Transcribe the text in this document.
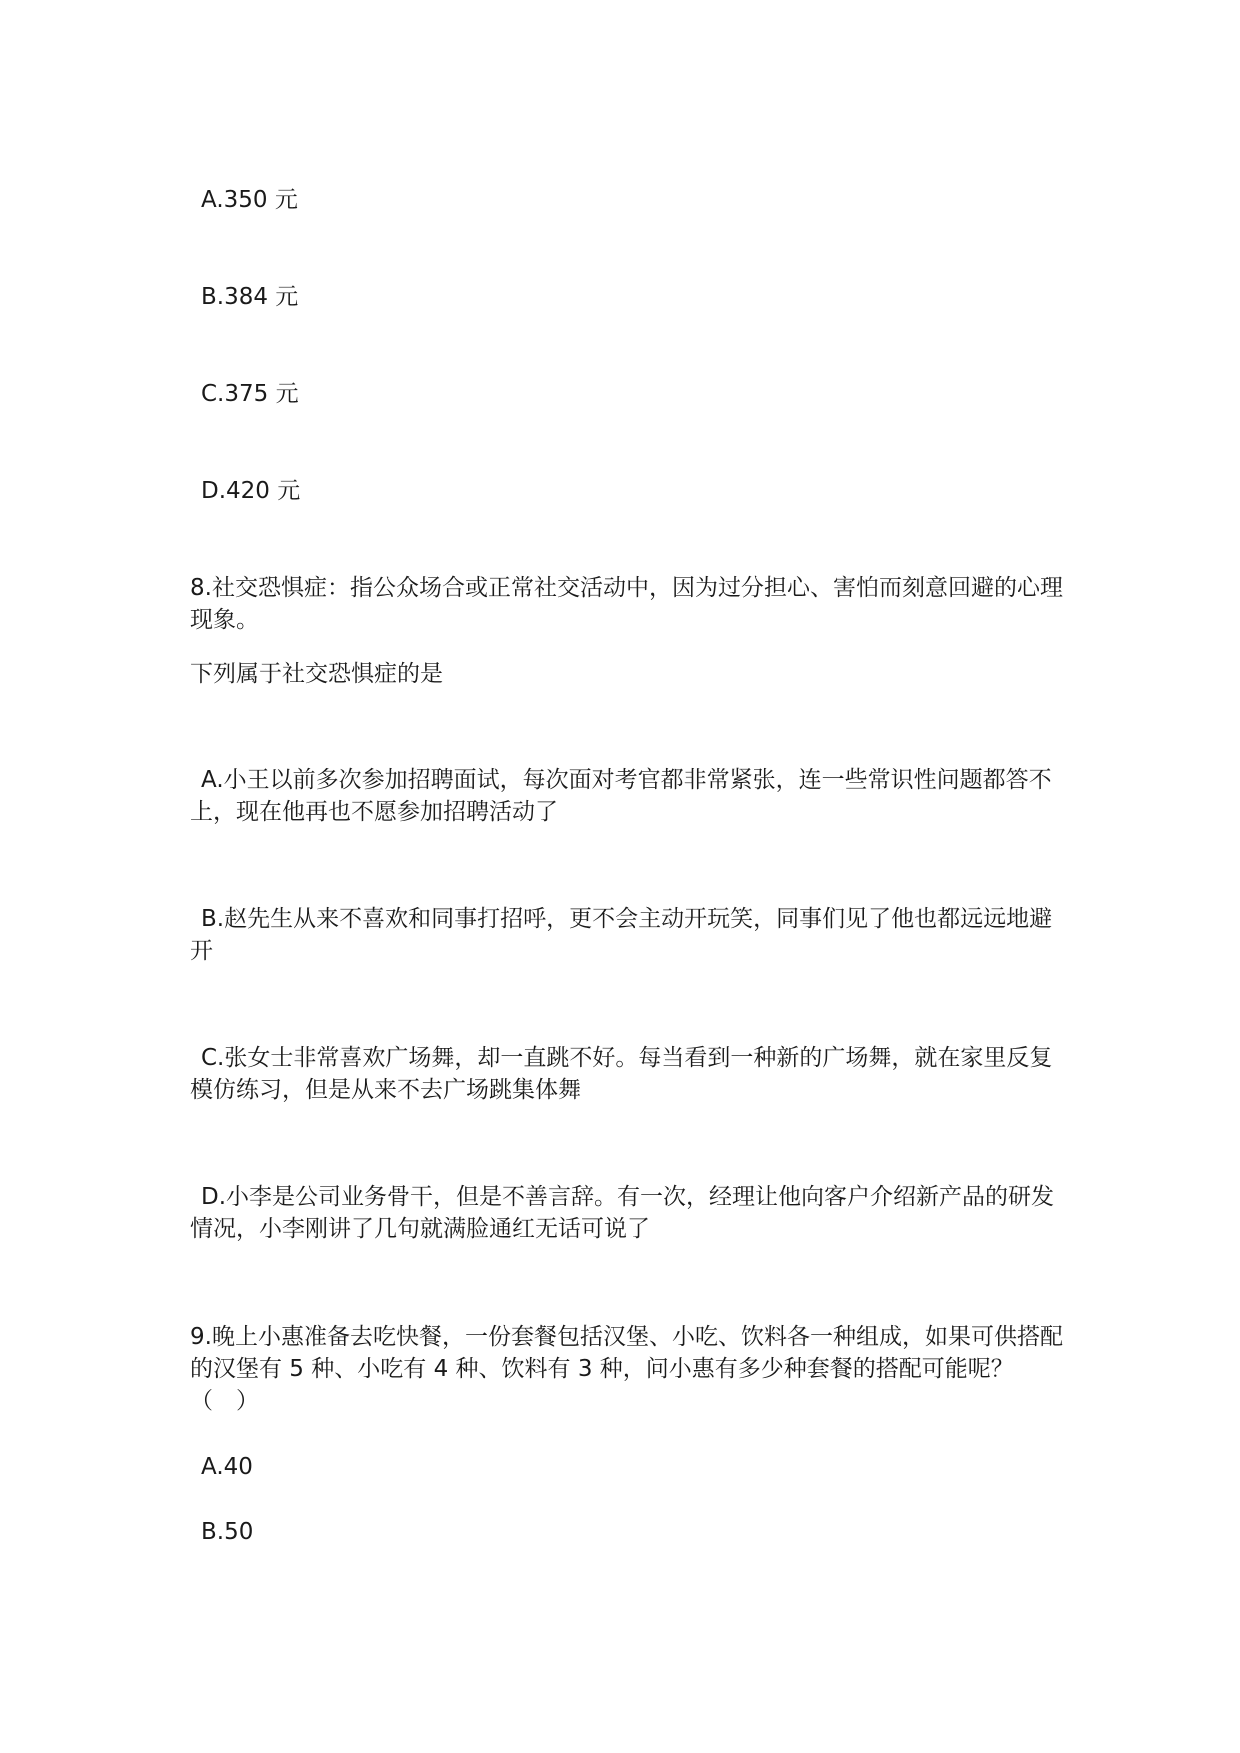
A.350 元
B.384 元
C.375 元
D.420 元
8.社交恐惧症：指公众场合或正常社交活动中，因为过分担心、害怕而刻意回避的心理现象。
下列属于社交恐惧症的是
A.小王以前多次参加招聘面试，每次面对考官都非常紧张，连一些常识性问题都答不上，现在他再也不愿参加招聘活动了
B.赵先生从来不喜欢和同事打招呼，更不会主动开玩笑，同事们见了他也都远远地避开
C.张女士非常喜欢广场舞，却一直跳不好。每当看到一种新的广场舞，就在家里反复模仿练习，但是从来不去广场跳集体舞
D.小李是公司业务骨干，但是不善言辞。有一次，经理让他向客户介绍新产品的研发情况，小李刚讲了几句就满脸通红无话可说了
9.晚上小惠准备去吃快餐，一份套餐包括汉堡、小吃、饮料各一种组成，如果可供搭配的汉堡有 5 种、小吃有 4 种、饮料有 3 种，问小惠有多少种套餐的搭配可能呢？（　）
A.40
B.50
